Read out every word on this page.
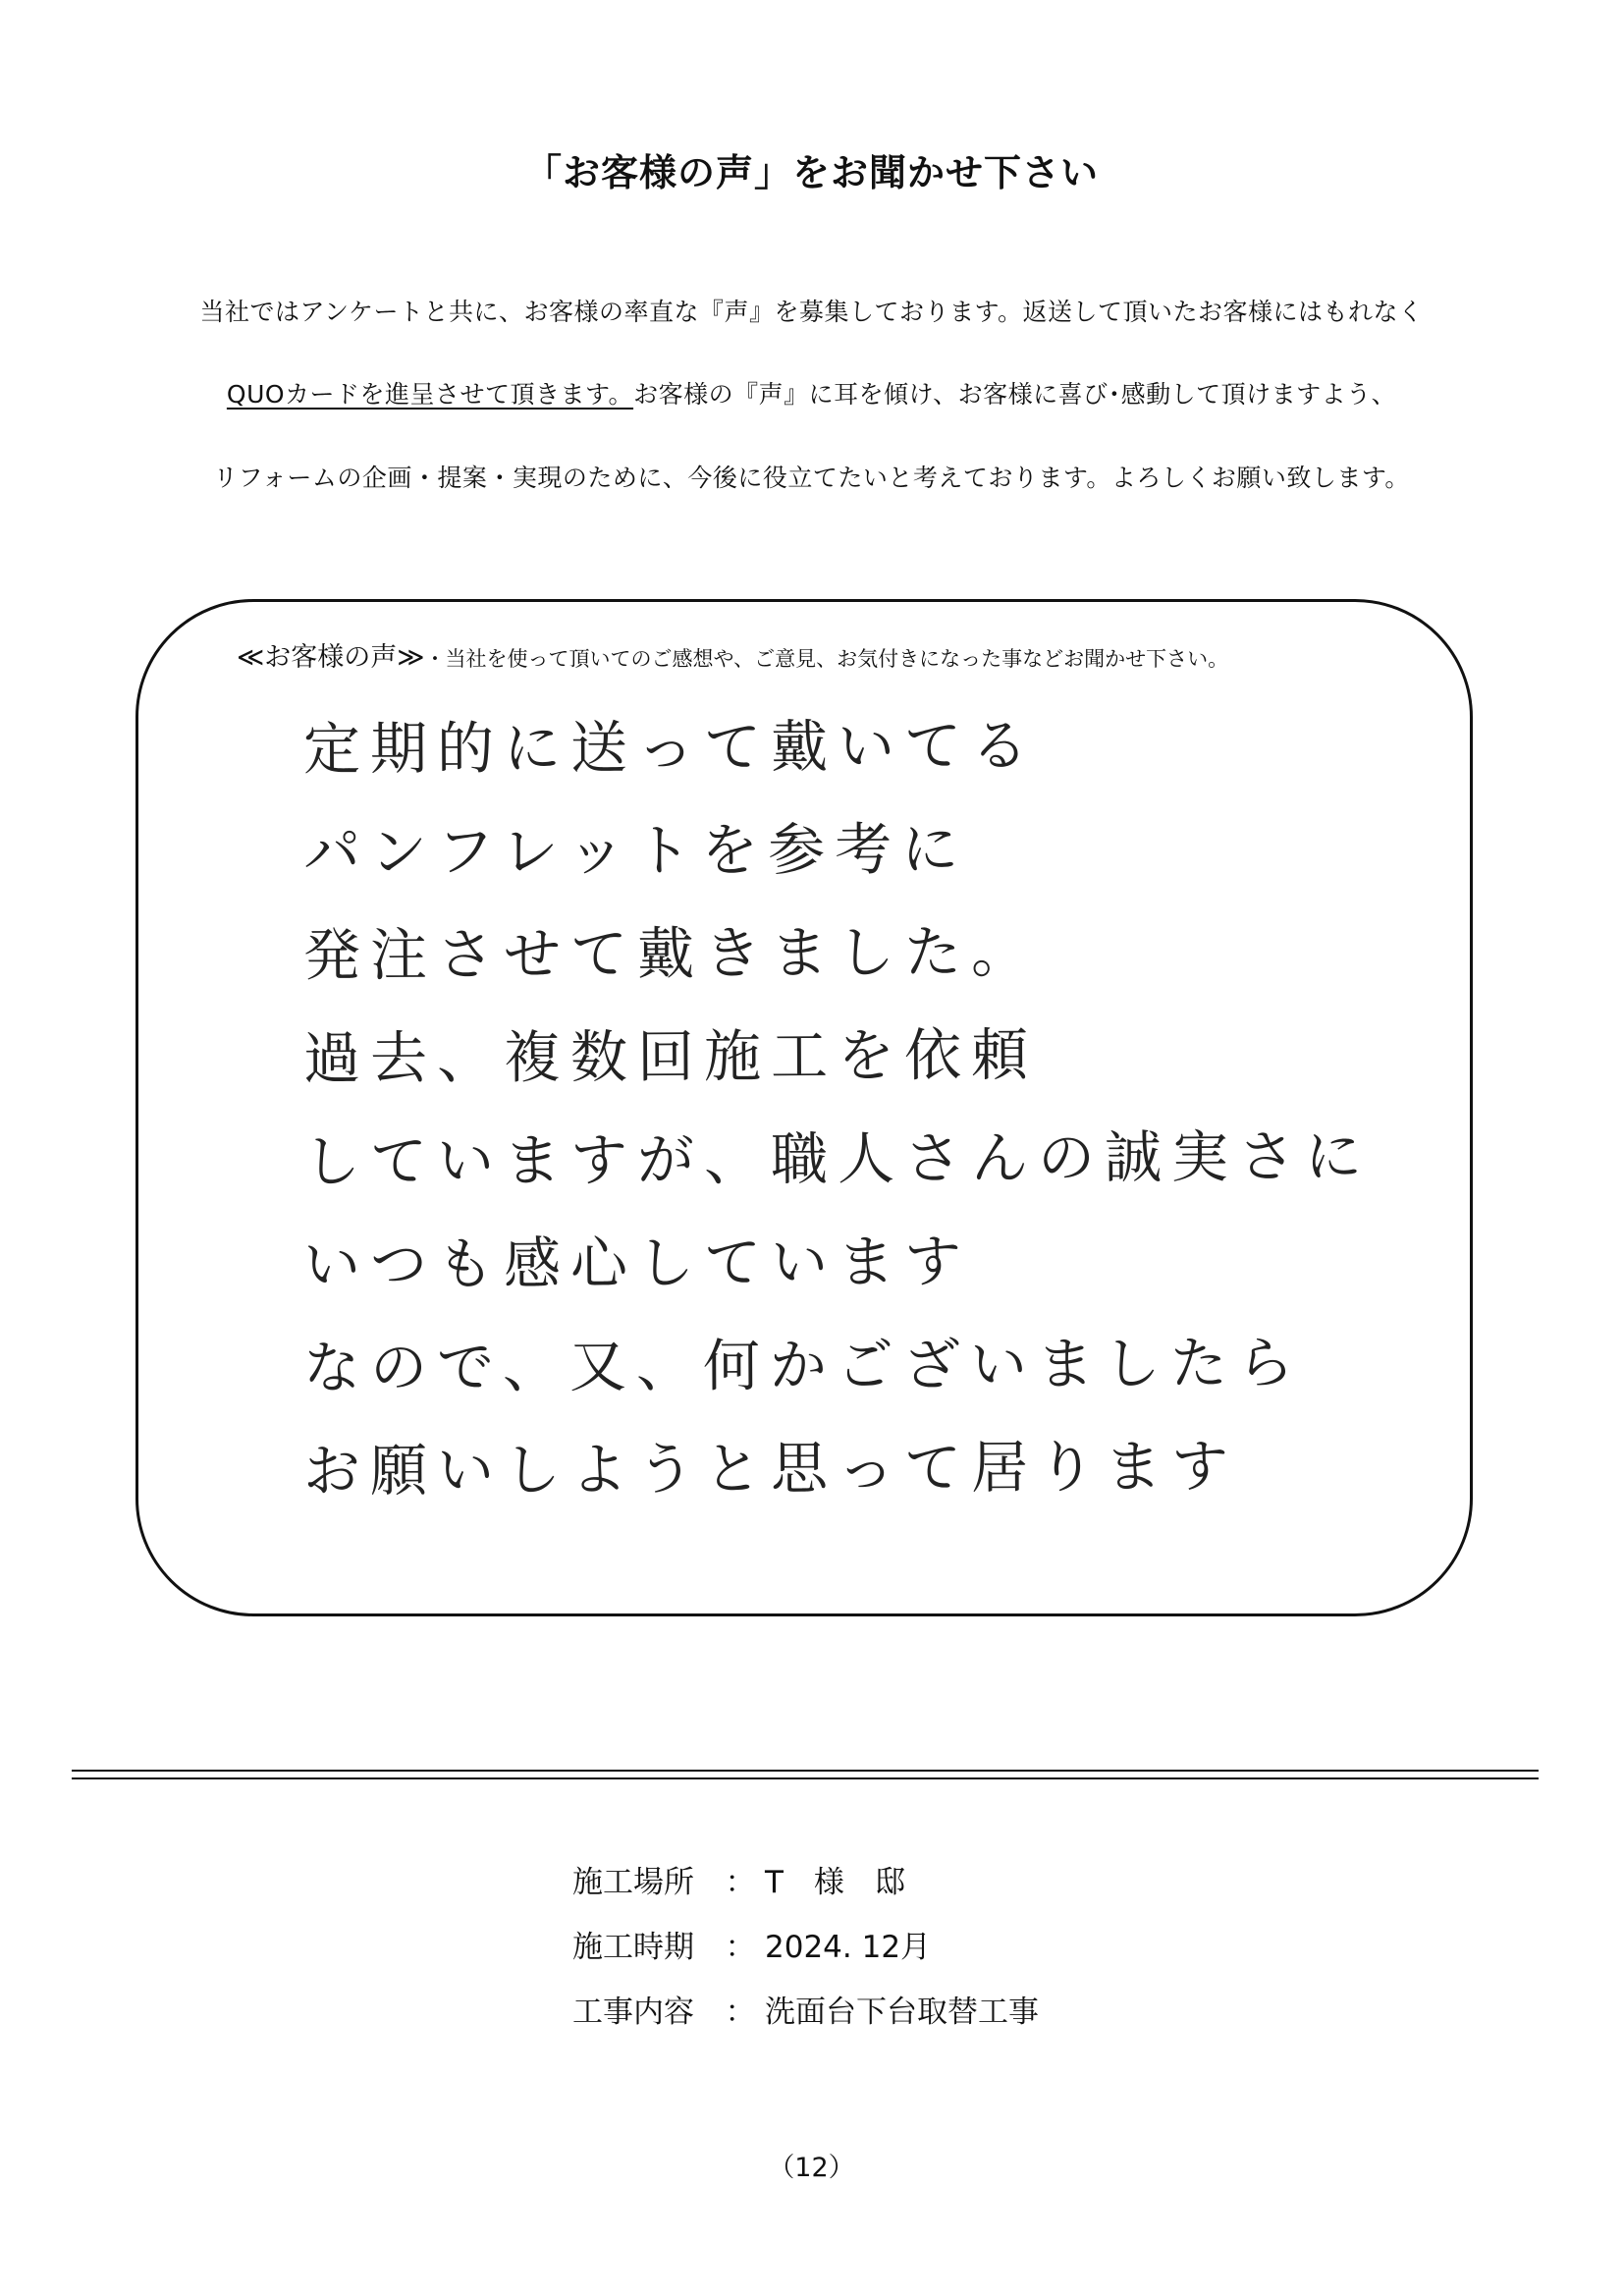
「お客様の声」をお聞かせ下さい
当社ではアンケートと共に、お客様の率直な『声』を募集しております。返送して頂いたお客様にはもれなく
QUOカードを進呈させて頂きます。お客様の『声』に耳を傾け、お客様に喜び･感動して頂けますよう、
リフォームの企画・提案・実現のために、今後に役立てたいと考えております。よろしくお願い致します。
≪お客様の声≫・当社を使って頂いてのご感想や、ご意見、お気付きになった事などお聞かせ下さい。
定期的に送って戴いてる
パンフレットを参考に
発注させて戴きました。
過去、複数回施工を依頼
していますが、職人さんの誠実さに
いつも感心しています
なので、又、何かございましたら
お願いしようと思って居ります
施工場所 ： T　様　邸
施工時期 ： 2024. 12月
工事内容 ： 洗面台下台取替工事
（12）
